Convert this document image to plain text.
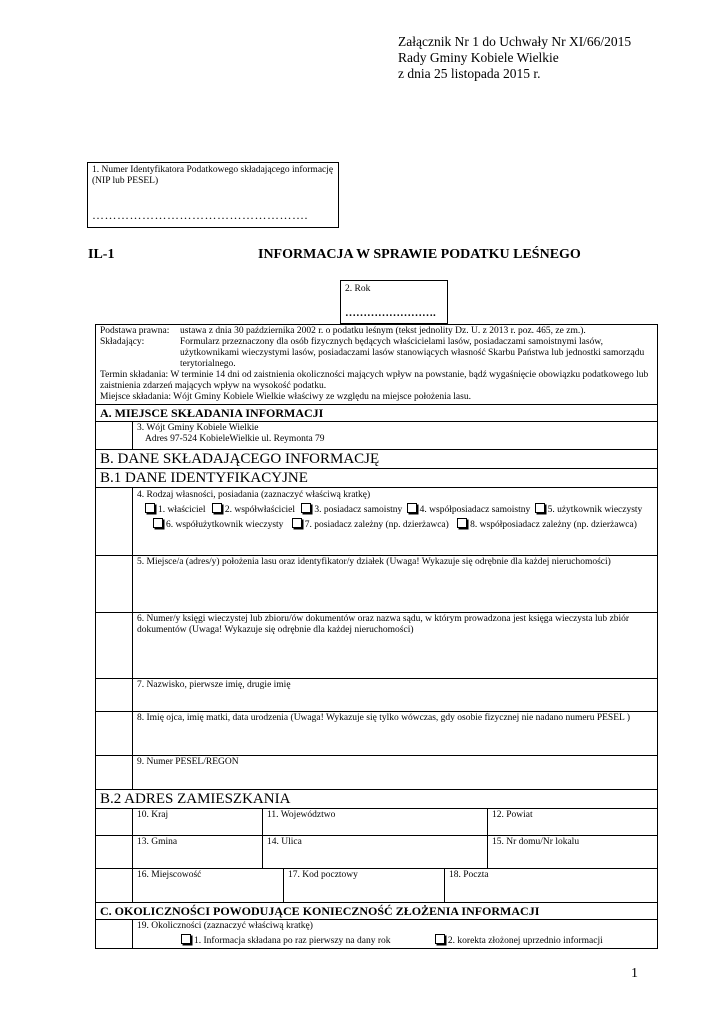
Załącznik Nr 1 do Uchwały Nr XI/66/2015
Rady Gminy Kobiele Wielkie
z dnia 25 listopada 2015 r.
1. Numer Identyfikatora Podatkowego składającego informację (NIP lub PESEL)
…………………………………………….
IL-1	INFORMACJA W SPRAWIE PODATKU LEŚNEGO
2. Rok
…………………….
Podstawa prawna:	ustawa z dnia 30 października 2002 r. o podatku leśnym (tekst jednolity Dz. U. z 2013 r. poz. 465, ze zm.).
Składający:	Formularz przeznaczony dla osób fizycznych będących właścicielami lasów, posiadaczami samoistnymi lasów, użytkownikami wieczystymi lasów, posiadaczami lasów stanowiących własność Skarbu Państwa lub jednostki samorządu terytorialnego.
Termin składania: W terminie 14 dni od zaistnienia okoliczności mających wpływ na powstanie, bądź wygaśnięcie obowiązku podatkowego lub zaistnienia zdarzeń mających wpływ na wysokość podatku.
Miejsce składania: Wójt Gminy Kobiele Wielkie właściwy ze względu na miejsce położenia lasu.
A. MIEJSCE SKŁADANIA INFORMACJI
3. Wójt Gminy Kobiele Wielkie
Adres 97-524 KobieleWielkie ul. Reymonta 79
B. DANE SKŁADAJĄCEGO INFORMACJĘ
B.1 DANE IDENTYFIKACYJNE
4. Rodzaj własności, posiadania (zaznaczyć właściwą kratkę)
1. właściciel 2. współwłaściciel 3. posiadacz samoistny 4. współposiadacz samoistny 5. użytkownik wieczysty
6. współużytkownik wieczysty 7. posiadacz zależny (np. dzierżawca) 8. współposiadacz zależny (np. dzierżawca)
5. Miejsce/a (adres/y) położenia lasu oraz identyfikator/y działek (Uwaga! Wykazuje się odrębnie dla każdej nieruchomości)
6. Numer/y księgi wieczystej lub zbioru/ów dokumentów oraz nazwa sądu, w którym prowadzona jest księga wieczysta lub zbiór dokumentów (Uwaga! Wykazuje się odrębnie dla każdej nieruchomości)
7. Nazwisko, pierwsze imię, drugie imię
8. Imię ojca, imię matki, data urodzenia (Uwaga! Wykazuje się tylko wówczas, gdy osobie fizycznej nie nadano numeru PESEL )
9. Numer PESEL/REGON
B.2 ADRES ZAMIESZKANIA
10. Kraj	11. Województwo	12. Powiat
13. Gmina	14. Ulica	15. Nr domu/Nr lokalu
16. Miejscowość	17. Kod pocztowy	18. Poczta
C. OKOLICZNOŚCI POWODUJĄCE KONIECZNOŚĆ ZŁOŻENIA INFORMACJI
19. Okoliczności (zaznaczyć właściwą kratkę)
1. Informacja składana po raz pierwszy na dany rok	2. korekta złożonej uprzednio informacji
1
